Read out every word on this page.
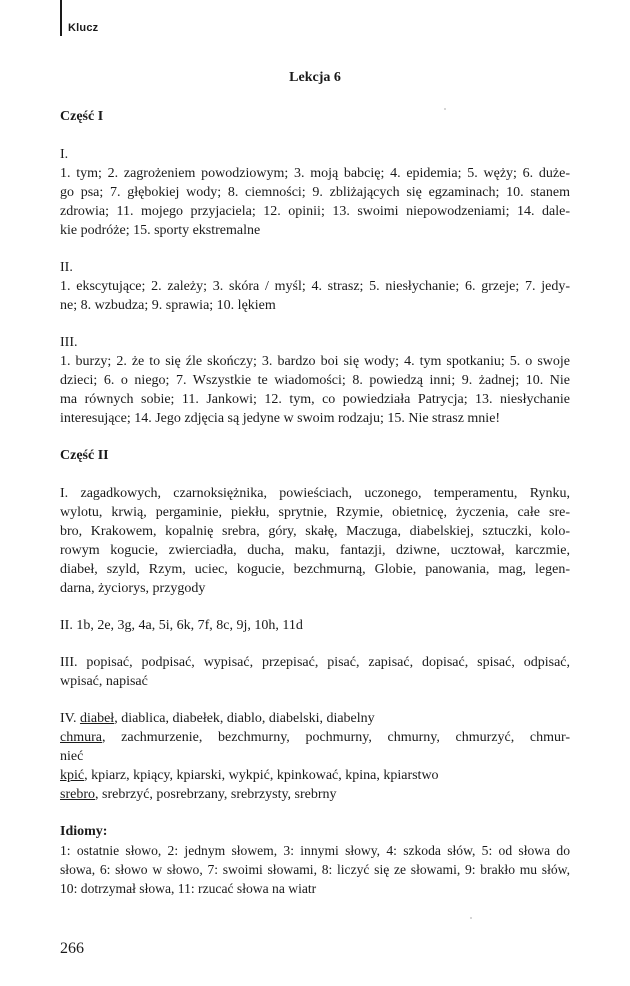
Klucz
Lekcja 6
Część I
I.
1. tym; 2. zagrożeniem powodziowym; 3. moją babcię; 4. epidemia; 5. węży; 6. duże-
go psa; 7. głębokiej wody; 8. ciemności; 9. zbliżających się egzaminach; 10. stanem
zdrowia; 11. mojego przyjaciela; 12. opinii; 13. swoimi niepowodzeniami; 14. dale-
kie podróże; 15. sporty ekstremalne
II.
1. ekscytujące; 2. zależy; 3. skóra / myśl; 4. strasz; 5. niesłychanie; 6. grzeje; 7. jedy-
ne; 8. wzbudza; 9. sprawia; 10. lękiem
III.
1. burzy; 2. że to się źle skończy; 3. bardzo boi się wody; 4. tym spotkaniu; 5. o swoje
dzieci; 6. o niego; 7. Wszystkie te wiadomości; 8. powiedzą inni; 9. żadnej; 10. Nie
ma równych sobie; 11. Jankowi; 12. tym, co powiedziała Patrycja; 13. niesłychanie
interesujące; 14. Jego zdjęcia są jedyne w swoim rodzaju; 15. Nie strasz mnie!
Część II
I. zagadkowych, czarnoksiężnika, powieściach, uczonego, temperamentu, Rynku,
wylotu, krwią, pergaminie, piekłu, sprytnie, Rzymie, obietnicę, życzenia, całe sre-
bro, Krakowem, kopalnię srebra, góry, skałę, Maczuga, diabelskiej, sztuczki, kolo-
rowym kogucie, zwierciadła, ducha, maku, fantazji, dziwne, ucztował, karczmie,
diabeł, szyld, Rzym, uciec, kogucie, bezchmurną, Globie, panowania, mag, legen-
darna, życiorys, przygody
II. 1b, 2e, 3g, 4a, 5i, 6k, 7f, 8c, 9j, 10h, 11d
III. popisać, podpisać, wypisać, przepisać, pisać, zapisać, dopisać, spisać, odpisać,
wpisać, napisać
IV. diabeł, diablica, diabełek, diablo, diabelski, diabelny
chmura, zachmurzenie, bezchmurny, pochmurny, chmurny, chmurzyć, chmur-
nieć
kpić, kpiarz, kpiący, kpiarski, wykpić, kpinkować, kpina, kpiarstwo
srebro, srebrzyć, posrebrzany, srebrzysty, srebrny
Idiomy:
1: ostatnie słowo, 2: jednym słowem, 3: innymi słowy, 4: szkoda słów, 5: od słowa do
słowa, 6: słowo w słowo, 7: swoimi słowami, 8: liczyć się ze słowami, 9: brakło mu słów,
10: dotrzymał słowa, 11: rzucać słowa na wiatr
266
